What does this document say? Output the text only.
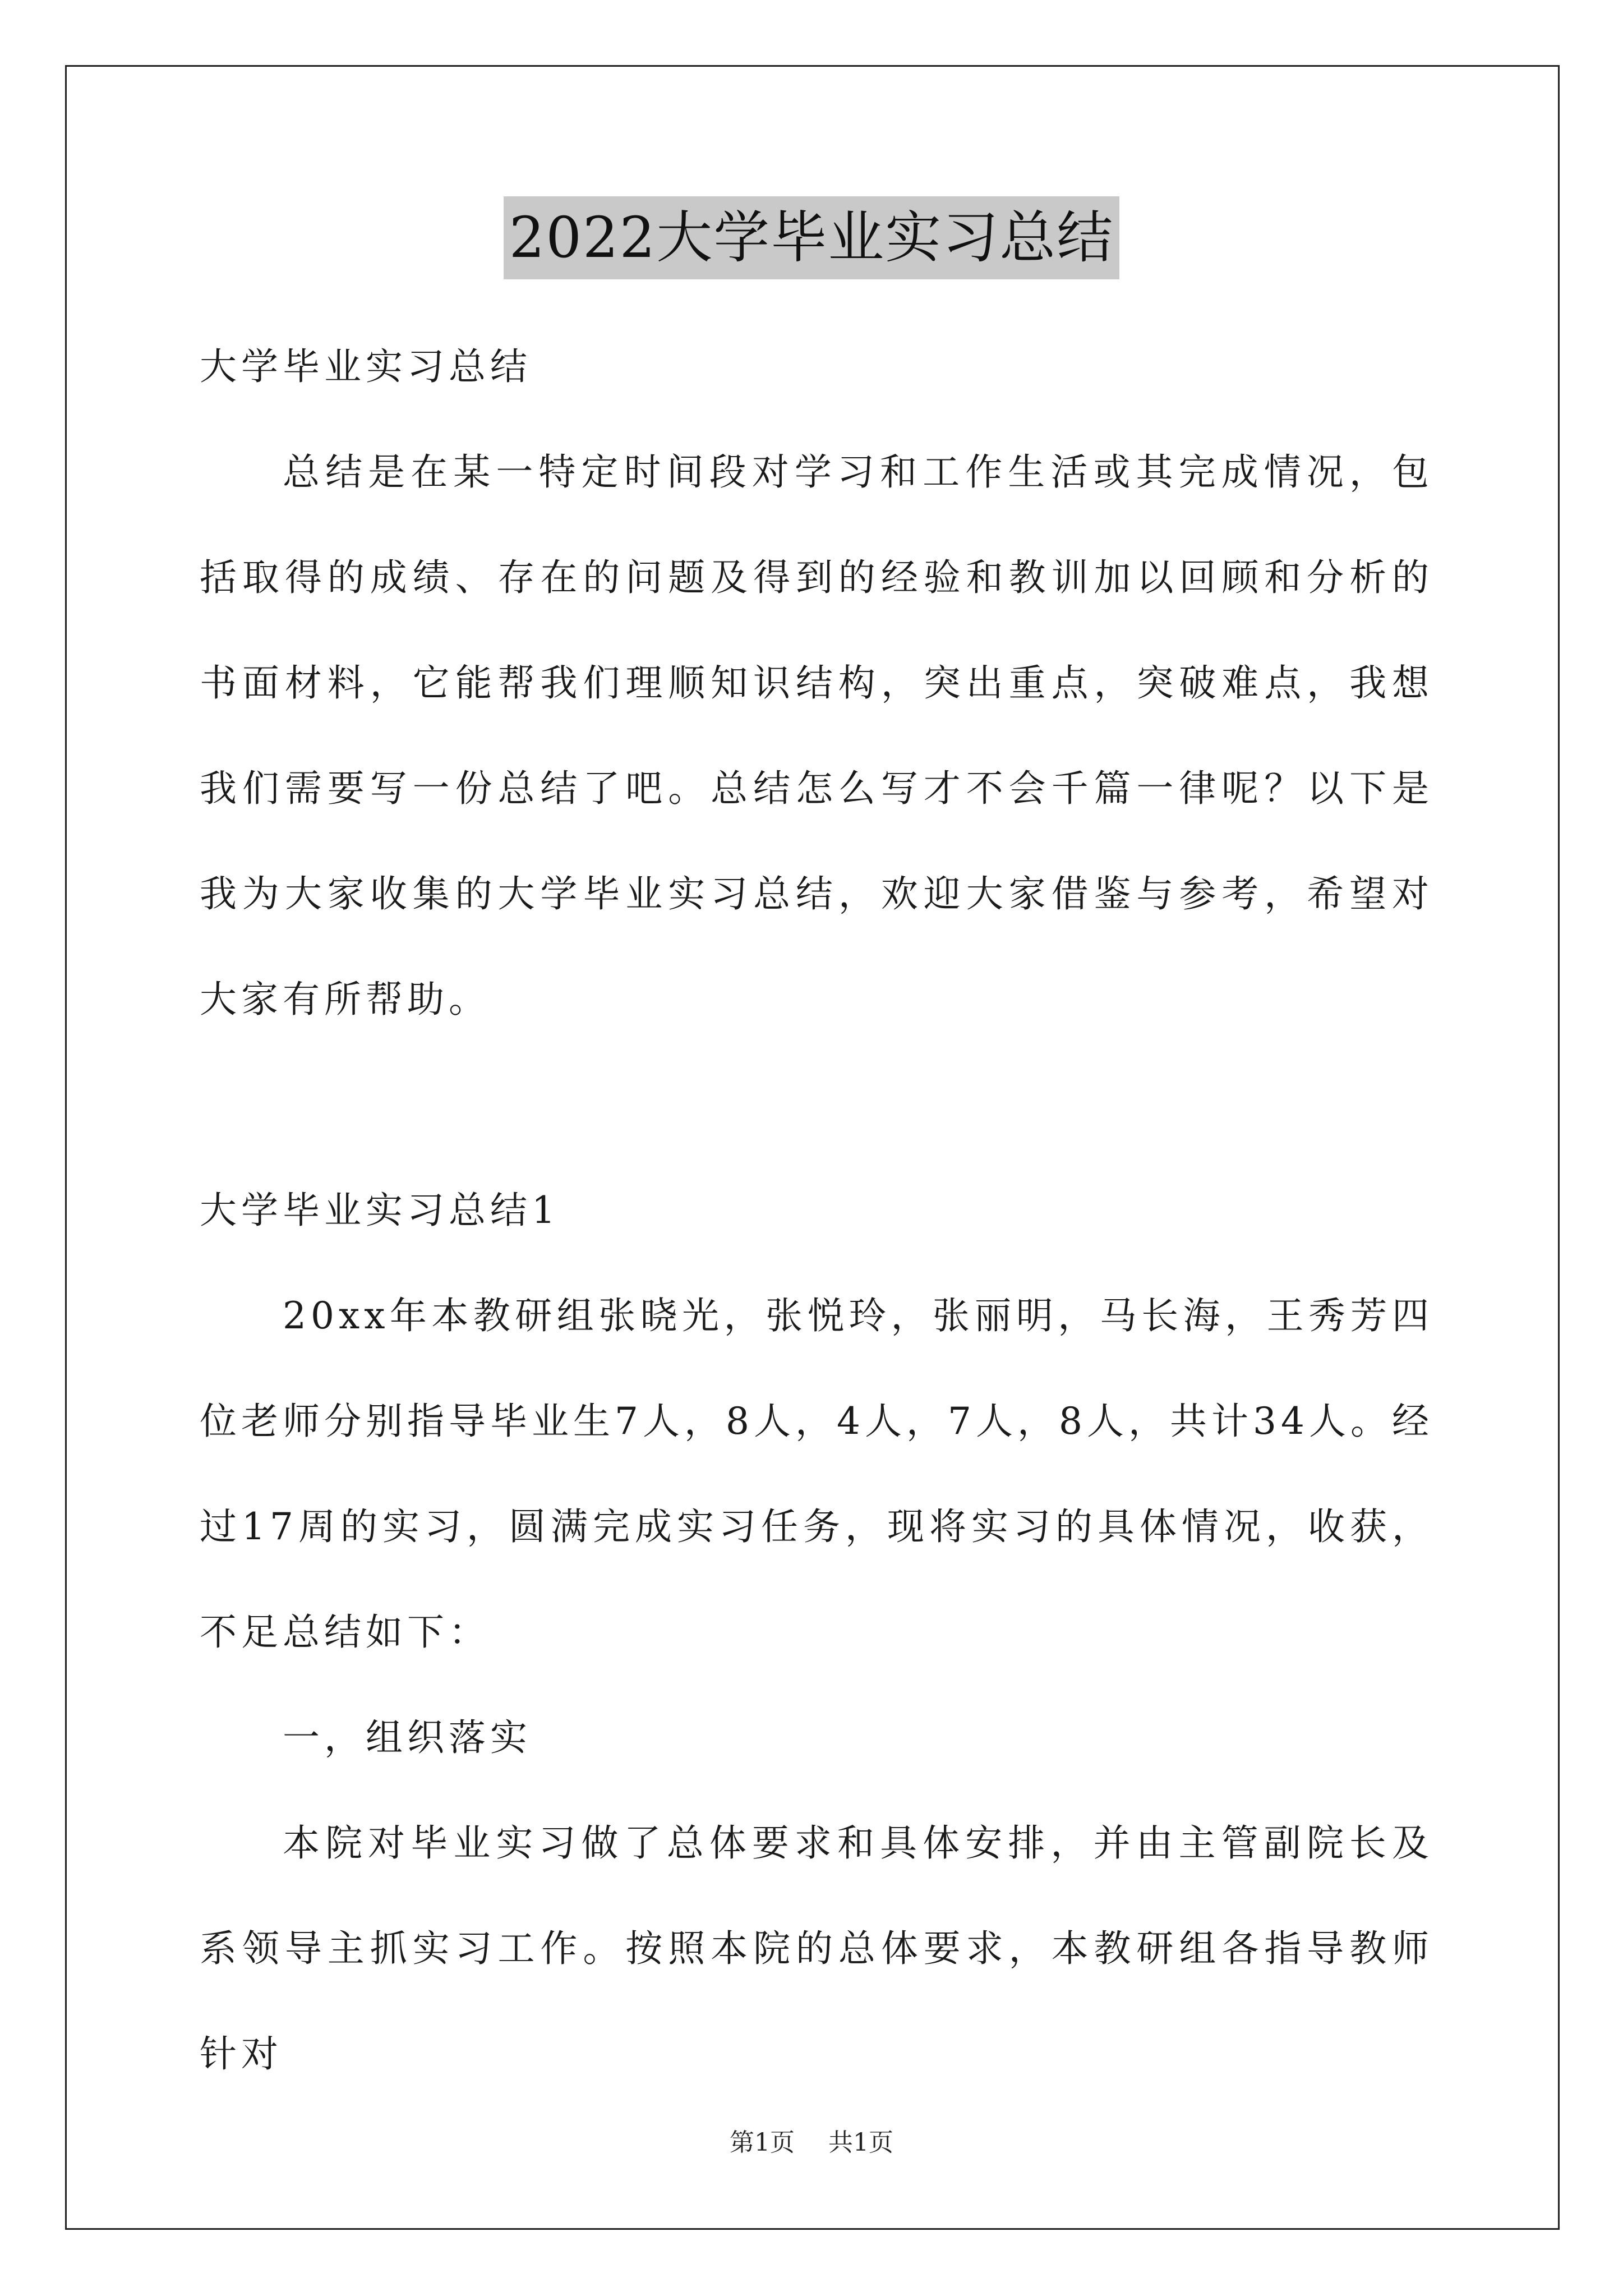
2022大学毕业实习总结

大学毕业实习总结

总结是在某一特定时间段对学习和工作生活或其完成情况，包括取得的成绩、存在的问题及得到的经验和教训加以回顾和分析的书面材料，它能帮我们理顺知识结构，突出重点，突破难点，我想我们需要写一份总结了吧。总结怎么写才不会千篇一律呢？以下是我为大家收集的大学毕业实习总结，欢迎大家借鉴与参考，希望对大家有所帮助。

大学毕业实习总结1

20xx年本教研组张晓光，张悦玲，张丽明，马长海，王秀芳四位老师分别指导毕业生7人，8人，4人，7人，8人，共计34人。经过17周的实习，圆满完成实习任务，现将实习的具体情况，收获，不足总结如下：

一，组织落实

本院对毕业实习做了总体要求和具体安排，并由主管副院长及系领导主抓实习工作。按照本院的总体要求，本教研组各指导教师针对

第1页 共1页
